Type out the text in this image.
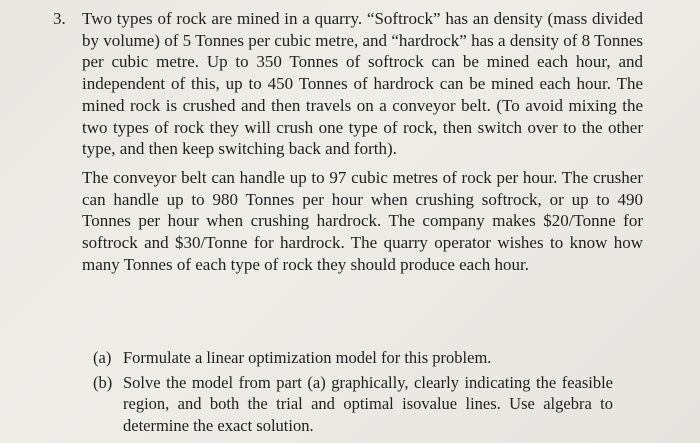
3. Two types of rock are mined in a quarry. “Softrock” has an density (mass divided by volume) of 5 Tonnes per cubic metre, and “hardrock” has a density of 8 Tonnes per cubic metre. Up to 350 Tonnes of softrock can be mined each hour, and independent of this, up to 450 Tonnes of hardrock can be mined each hour. The mined rock is crushed and then travels on a conveyor belt. (To avoid mixing the two types of rock they will crush one type of rock, then switch over to the other type, and then keep switching back and forth).

The conveyor belt can handle up to 97 cubic metres of rock per hour. The crusher can handle up to 980 Tonnes per hour when crushing softrock, or up to 490 Tonnes per hour when crushing hardrock. The company makes $20/Tonne for softrock and $30/Tonne for hardrock. The quarry operator wishes to know how many Tonnes of each type of rock they should produce each hour.

(a) Formulate a linear optimization model for this problem.
(b) Solve the model from part (a) graphically, clearly indicating the feasible region, and both the trial and optimal isovalue lines. Use algebra to determine the exact solution.
